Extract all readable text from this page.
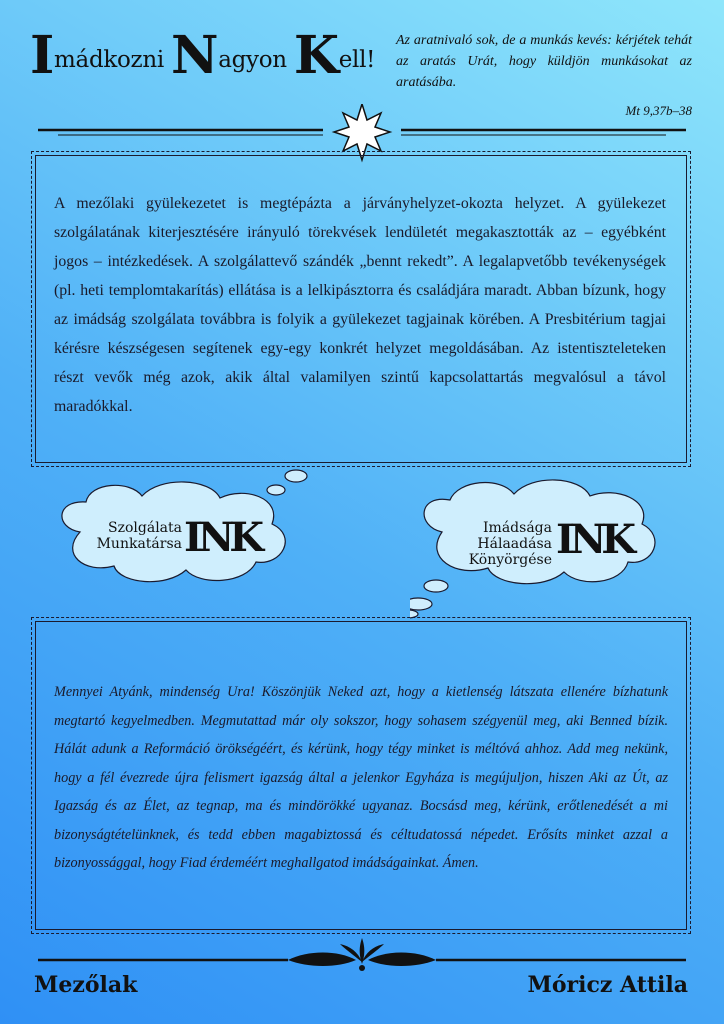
Imádkozni Nagyon Kell!
Az aratnivaló sok, de a munkás kevés: kérjétek tehát az aratás Urát, hogy küldjön munkásokat az aratásába.
Mt 9,37b–38

A mezőlaki gyülekezetet is megtépázta a járványhelyzet-okozta helyzet. A gyülekezet szolgálatának kiterjesztésére irányuló törekvések lendületét megakasztották az – egyébként jogos – intézkedések. A szolgálattevő szándék „bennt rekedt”. A legalapvetőbb tevékenységek (pl. heti templomtakarítás) ellátása is a lelkipásztorra és családjára maradt. Abban bízunk, hogy az imádság szolgálata továbbra is folyik a gyülekezet tagjainak körében. A Presbitérium tagjai kérésre készségesen segítenek egy-egy konkrét helyzet megoldásában. Az istentiszteleteken részt vevők még azok, akik által valamilyen szintű kapcsolattartás megvalósul a távol maradókkal.

Szolgálata
Munkatársa INK	Imádsága
Hálaadása
Könyörgése INK

Mennyei Atyánk, mindenség Ura! Köszönjük Neked azt, hogy a kietlenség látszata ellenére bízhatunk megtartó kegyelmedben. Megmutattad már oly sokszor, hogy sohasem szégyenül meg, aki Benned bízik. Hálát adunk a Reformáció örökségéért, és kérünk, hogy tégy minket is méltóvá ahhoz. Add meg nekünk, hogy a fél évezrede újra felismert igazság által a jelenkor Egyháza is megújuljon, hiszen Aki az Út, az Igazság és az Élet, az tegnap, ma és mindörökké ugyanaz. Bocsásd meg, kérünk, erőtlenedését a mi bizonyságtételünknek, és tedd ebben magabiztossá és céltudatossá népedet. Erősíts minket azzal a bizonyossággal, hogy Fiad érdeméért meghallgatod imádságainkat. Ámen.

Mezőlak	Móricz Attila
